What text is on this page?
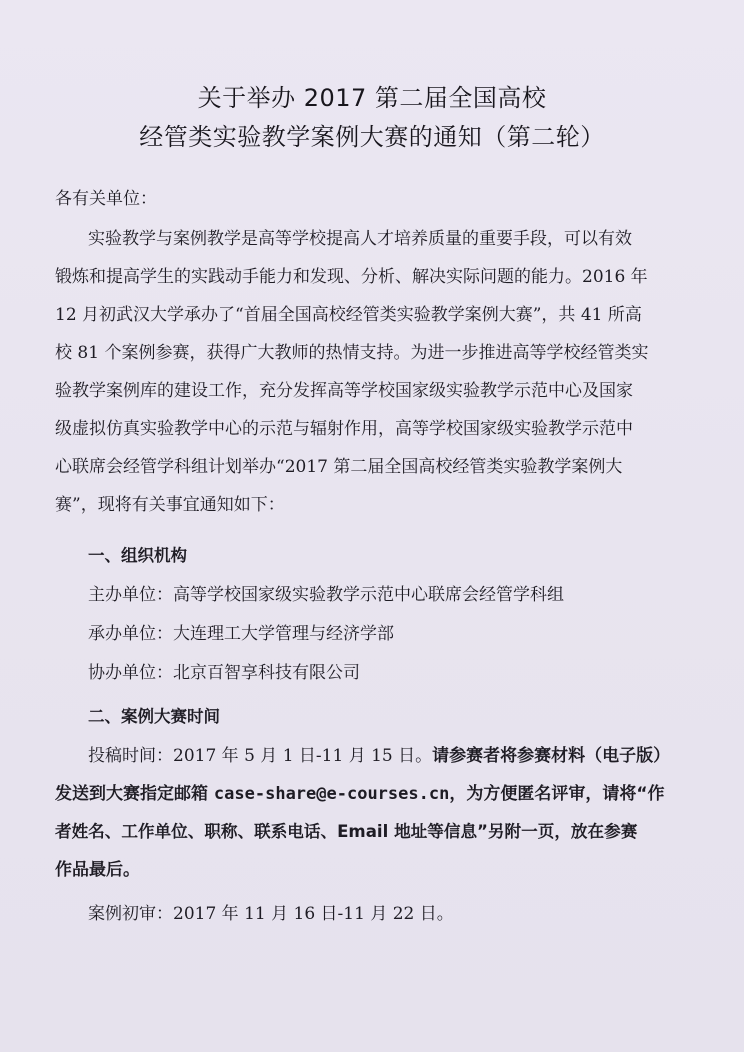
关于举办 2017 第二届全国高校
经管类实验教学案例大赛的通知（第二轮）
各有关单位：
实验教学与案例教学是高等学校提高人才培养质量的重要手段，可以有效
锻炼和提高学生的实践动手能力和发现、分析、解决实际问题的能力。2016 年
12 月初武汉大学承办了“首届全国高校经管类实验教学案例大赛”，共 41 所高
校 81 个案例参赛，获得广大教师的热情支持。为进一步推进高等学校经管类实
验教学案例库的建设工作，充分发挥高等学校国家级实验教学示范中心及国家
级虚拟仿真实验教学中心的示范与辐射作用，高等学校国家级实验教学示范中
心联席会经管学科组计划举办“2017 第二届全国高校经管类实验教学案例大
赛”，现将有关事宜通知如下：
一、组织机构
主办单位：高等学校国家级实验教学示范中心联席会经管学科组
承办单位：大连理工大学管理与经济学部
协办单位：北京百智享科技有限公司
二、案例大赛时间
投稿时间：2017 年 5 月 1 日-11 月 15 日。请参赛者将参赛材料（电子版）
发送到大赛指定邮箱 case-share@e-courses.cn，为方便匿名评审，请将“作
者姓名、工作单位、职称、联系电话、Email 地址等信息”另附一页，放在参赛
作品最后。
案例初审：2017 年 11 月 16 日-11 月 22 日。
